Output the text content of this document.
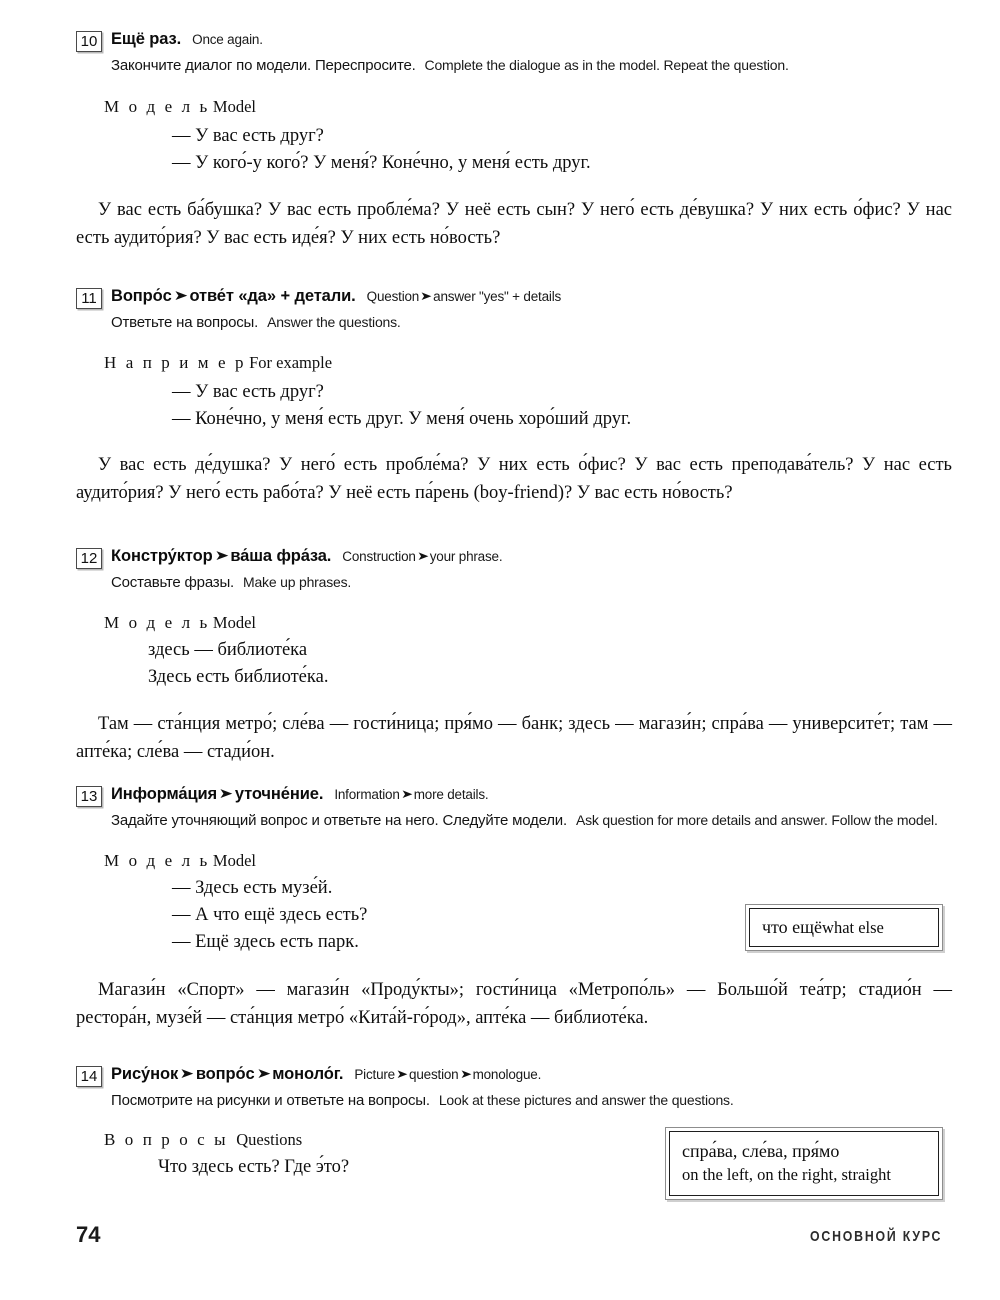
10 Ещё раз. Once again.
Закончите диалог по модели. Переспросите. Complete the dialogue as in the model. Repeat the question.
М о д е л ь Model
— У вас есть друг?
— У кого́-у кого́? У меня́? Коне́чно, у меня́ есть друг.
У вас есть ба́бушка? У вас есть пробле́ма? У неё есть сын? У него́ есть де́вушка? У них есть о́фис? У нас есть аудито́рия? У вас есть иде́я? У них есть но́вость?
11 Вопро́с ➤отве́т «да» + детали. Question➤answer "yes" + details
Ответьте на вопросы. Answer the questions.
Н а п р и м е р For example
— У вас есть друг?
— Коне́чно, у меня́ есть друг. У меня́ очень хоро́ший друг.
У вас есть де́душка? У него́ есть пробле́ма? У них есть о́фис? У вас есть преподава́тель? У нас есть аудито́рия? У него́ есть рабо́та? У неё есть па́рень (boy-friend)? У вас есть но́вость?
12 Констру́ктор ➤ва́ша фра́за. Construction➤your phrase.
Составьте фразы. Make up phrases.
М о д е л ь Model
здесь — библиоте́ка
Здесь есть библиоте́ка.
Там — ста́нция метро́; сле́ва — гости́ница; пря́мо — банк; здесь — магази́н; спра́ва — университе́т; там — апте́ка; сле́ва — стади́он.
13 Информа́ция ➤уточне́ние. Information➤more details.
Задайте уточняющий вопрос и ответьте на него. Следуйте модели. Ask question for more details and answer. Follow the model.
М о д е л ь Model
— Здесь есть музе́й.
— А что ещё здесь есть?
— Ещё здесь есть парк.
Магази́н «Спорт» — магази́н «Проду́кты»; гости́ница «Метропо́ль» — Большо́й теа́тр; стадио́н — рестора́н, музе́й — ста́нция метро́ «Кита́й-го́род», апте́ка — библиоте́ка.
14 Рису́нок ➤вопро́с ➤моноло́г. Picture➤question➤monologue.
Посмотрите на рисунки и ответьте на вопросы. Look at these pictures and answer the questions.
В о п р о с ы Questions
Что здесь есть? Где э́то?
что ещёwhat else
спра́ва, сле́ва, пря́мо
on the left, on the right, straight
74	ОСНОВНОЙ КУРС
